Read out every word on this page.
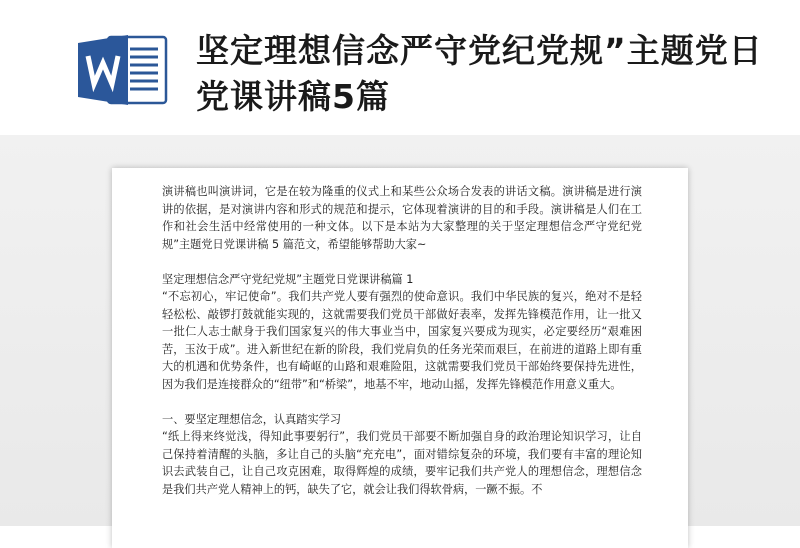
坚定理想信念严守党纪党规”主题党日党课讲稿5篇

演讲稿也叫演讲词，它是在较为隆重的仪式上和某些公众场合发表的讲话文稿。演讲稿是进行演讲的依据，是对演讲内容和形式的规范和提示，它体现着演讲的目的和手段。演讲稿是人们在工作和社会生活中经常使用的一种文体。以下是本站为大家整理的关于坚定理想信念严守党纪党规”主题党日党课讲稿 5 篇范文，希望能够帮助大家~

坚定理想信念严守党纪党规”主题党日党课讲稿篇 1

“不忘初心，牢记使命”。我们共产党人要有强烈的使命意识。我们中华民族的复兴，绝对不是轻轻松松、敲锣打鼓就能实现的，这就需要我们党员干部做好表率，发挥先锋模范作用，让一批又一批仁人志士献身于我们国家复兴的伟大事业当中，国家复兴要成为现实，必定要经历“艰难困苦，玉汝于成”。进入新世纪在新的阶段，我们党肩负的任务光荣而艰巨，在前进的道路上即有重大的机遇和优势条件，也有崎岖的山路和艰难险阻，这就需要我们党员干部始终要保持先进性，因为我们是连接群众的“纽带”和“桥梁”，地基不牢，地动山摇，发挥先锋模范作用意义重大。

一、要坚定理想信念，认真踏实学习

“纸上得来终觉浅，得知此事要躬行”，我们党员干部要不断加强自身的政治理论知识学习，让自己保持着清醒的头脑，多让自己的头脑“充充电”，面对错综复杂的环境，我们要有丰富的理论知识去武装自己，让自己攻克困难，取得辉煌的成绩，要牢记我们共产党人的理想信念，理想信念是我们共产党人精神上的钙，缺失了它，就会让我们得软骨病，一蹶不振。不
